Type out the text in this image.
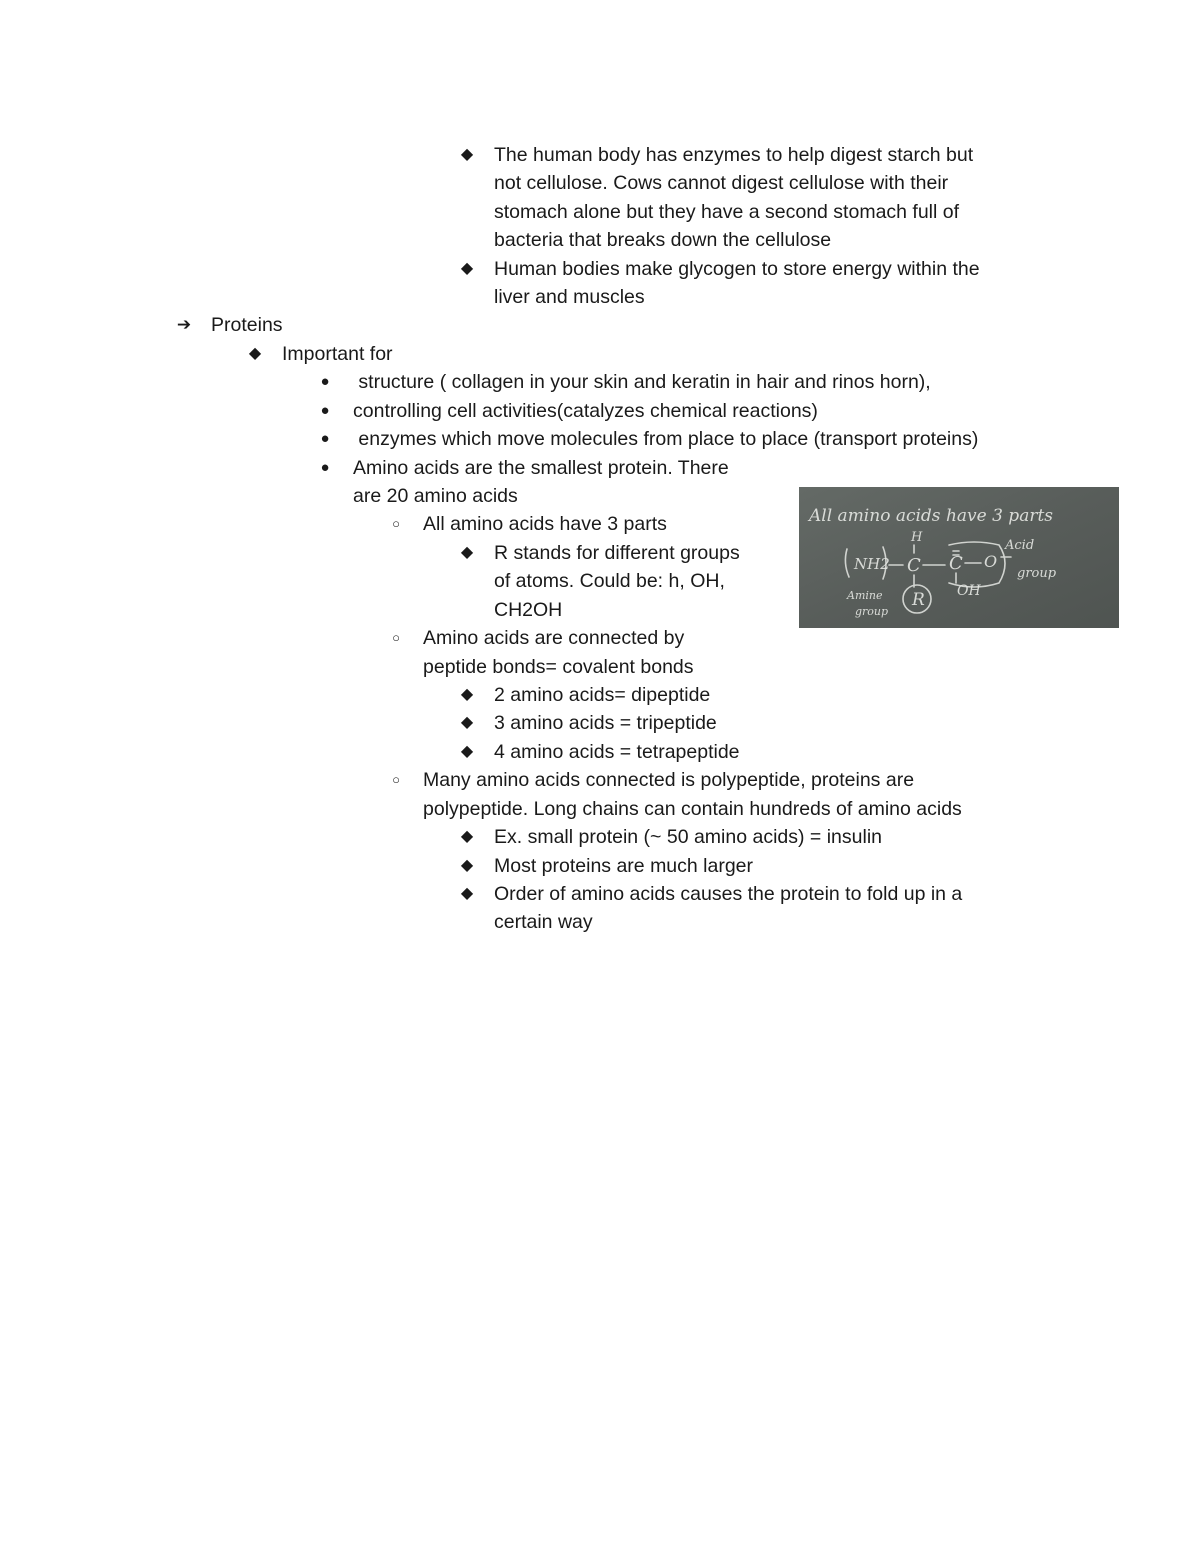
◆ The human body has enzymes to help digest starch but
not cellulose. Cows cannot digest cellulose with their
stomach alone but they have a second stomach full of
bacteria that breaks down the cellulose
◆ Human bodies make glycogen to store energy within the
liver and muscles
➔ Proteins
◆ Important for
● structure ( collagen in your skin and keratin in hair and rinos horn),
● controlling cell activities(catalyzes chemical reactions)
● enzymes which move molecules from place to place (transport proteins)
● Amino acids are the smallest protein. There
are 20 amino acids
○	All amino acids have 3 parts
◆ R stands for different groups
of atoms. Could be: h, OH,
CH2OH
○	Amino acids are connected by
peptide bonds= covalent bonds
◆ 2 amino acids= dipeptide
◆ 3 amino acids = tripeptide
◆ 4 amino acids = tetrapeptide
○	Many amino acids connected is polypeptide, proteins are
polypeptide. Long chains can contain hundreds of amino acids
◆ Ex. small protein (~ 50 amino acids) = insulin
◆ Most proteins are much larger
◆ Order of amino acids causes the protein to fold up in a
certain way
All amino acids have 3 parts
NH2 C C O
H
R OH
Acid
group
Amine
group
